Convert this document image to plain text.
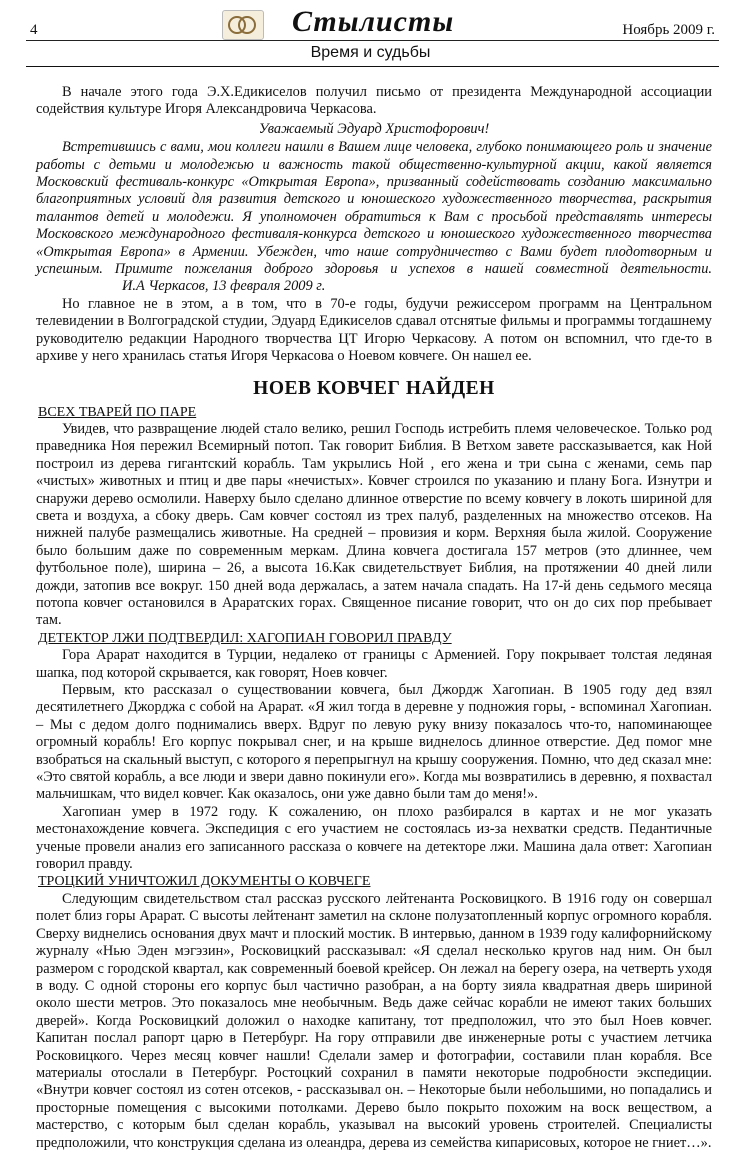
4	Стылисты	Ноябрь 2009 г.
Время и судьбы

В начале этого года Э.Х.Едикиселов получил письмо от президента Международной ассоциации содействия культуре Игоря Александровича Черкасова.

Уважаемый Эдуард Христофорович!

Встретившись с вами, мои коллеги нашли в Вашем лице человека, глубоко понимающего роль и значение работы с детьми и молодежью и важность такой общественно-культурной акции, какой является Московский фестиваль-конкурс «Открытая Европа», призванный содействовать созданию максимально благоприятных условий для развития детского и юношеского художественного творчества, раскрытия талантов детей и молодежи. Я уполномочен обратиться к Вам с просьбой представлять интересы Московского международного фестиваля-конкурса детского и юношеского художественного творчества «Открытая Европа» в Армении. Убежден, что наше сотрудничество с Вами будет плодотворным и успешным. Примите пожелания доброго здоровья и успехов в нашей совместной деятельности.И.А Черкасов, 13 февраля 2009 г.

Но главное не в этом, а в том, что в 70-е годы, будучи режиссером программ на Центральном телевидении в Волгоградской студии, Эдуард Едикиселов сдавал отснятые фильмы и программы тогдашнему руководителю редакции Народного творчества ЦТ Игорю Черкасову. А потом он вспомнил, что где-то в архиве у него хранилась статья Игоря Черкасова о Ноевом ковчеге. Он нашел ее.

НОЕВ КОВЧЕГ НАЙДЕН

ВСЕХ ТВАРЕЙ ПО ПАРЕ

Увидев, что развращение людей стало велико, решил Господь истребить племя человеческое. Только род праведника Ноя пережил Всемирный потоп. Так говорит Библия. В Ветхом завете рассказывается, как Ной построил из дерева гигантский корабль. Там укрылись Ной , его жена и три сына с женами, семь пар «чистых» животных и птиц и две пары «нечистых». Ковчег строился по указанию и плану Бога. Изнутри и снаружи дерево осмолили. Наверху было сделано длинное отверстие по всему ковчегу в локоть шириной для света и воздуха, а сбоку дверь. Сам ковчег состоял из трех палуб, разделенных на множество отсеков. На нижней палубе размещались животные. На средней – провизия и корм. Верхняя была жилой. Сооружение было большим даже по современным меркам. Длина ковчега достигала 157 метров (это длиннее, чем футбольное поле), ширина – 26, а высота 16.Как свидетельствует Библия, на протяжении 40 дней лили дожди, затопив все вокруг. 150 дней вода держалась, а затем начала спадать. На 17-й день седьмого месяца потопа ковчег остановился в Араратских горах. Священное писание говорит, что он до сих пор пребывает там.

ДЕТЕКТОР ЛЖИ ПОДТВЕРДИЛ: ХАГОПИАН ГОВОРИЛ ПРАВДУ

Гора Арарат находится в Турции, недалеко от границы с Арменией. Гору покрывает толстая ледяная шапка, под которой скрывается, как говорят, Ноев ковчег.

Первым, кто рассказал о существовании ковчега, был Джордж Хагопиан. В 1905 году дед взял десятилетнего Джорджа с собой на Арарат. «Я жил тогда в деревне у подножия горы, - вспоминал Хагопиан. – Мы с дедом долго поднимались вверх. Вдруг по левую руку внизу показалось что-то, напоминающее огромный корабль! Его корпус покрывал снег, и на крыше виднелось длинное отверстие. Дед помог мне взобраться на скальный выступ, с которого я перепрыгнул на крышу сооружения. Помню, что дед сказал мне: «Это святой корабль, а все люди и звери давно покинули его». Когда мы возвратились в деревню, я похвастал мальчишкам, что видел ковчег. Как оказалось, они уже давно были там до меня!».

Хагопиан умер в 1972 году. К сожалению, он плохо разбирался в картах и не мог указать местонахождение ковчега. Экспедиция с его участием не состоялась из-за нехватки средств. Педантичные ученые провели анализ его записанного рассказа о ковчеге на детекторе лжи. Машина дала ответ: Хагопиан говорил правду.

ТРОЦКИЙ УНИЧТОЖИЛ ДОКУМЕНТЫ О КОВЧЕГЕ

Следующим свидетельством стал рассказ русского лейтенанта Росковицкого. В 1916 году он совершал полет близ горы Арарат. С высоты лейтенант заметил на склоне полузатопленный корпус огромного корабля. Сверху виднелись основания двух мачт и плоский мостик. В интервью, данном в 1939 году калифорнийскому журналу «Нью Эден мэгэзин», Росковицкий рассказывал: «Я сделал несколько кругов над ним. Он был размером с городской квартал, как современный боевой крейсер. Он лежал на берегу озера, на четверть уходя в воду. С одной стороны его корпус был частично разобран, а на борту зияла квадратная дверь шириной около шести метров. Это показалось мне необычным. Ведь даже сейчас корабли не имеют таких больших дверей». Когда Росковицкий доложил о находке капитану, тот предположил, что это был Ноев ковчег. Капитан послал рапорт царю в Петербург. На гору отправили две инженерные роты с участием летчика Росковицкого. Через месяц ковчег нашли! Сделали замер и фотографии, составили план корабля. Все материалы отослали в Петербург. Ростоцкий сохранил в памяти некоторые подробности экспедиции. «Внутри ковчег состоял из сотен отсеков, - рассказывал он. – Некоторые были небольшими, но попадались и просторные помещения с высокими потолками. Дерево было покрыто похожим на воск веществом, а мастерство, с которым был сделан корабль, указывал на высокий уровень строителей. Специалисты предположили, что конструкция сделана из олеандра, дерева из семейства кипарисовых, которое не гниет…».
